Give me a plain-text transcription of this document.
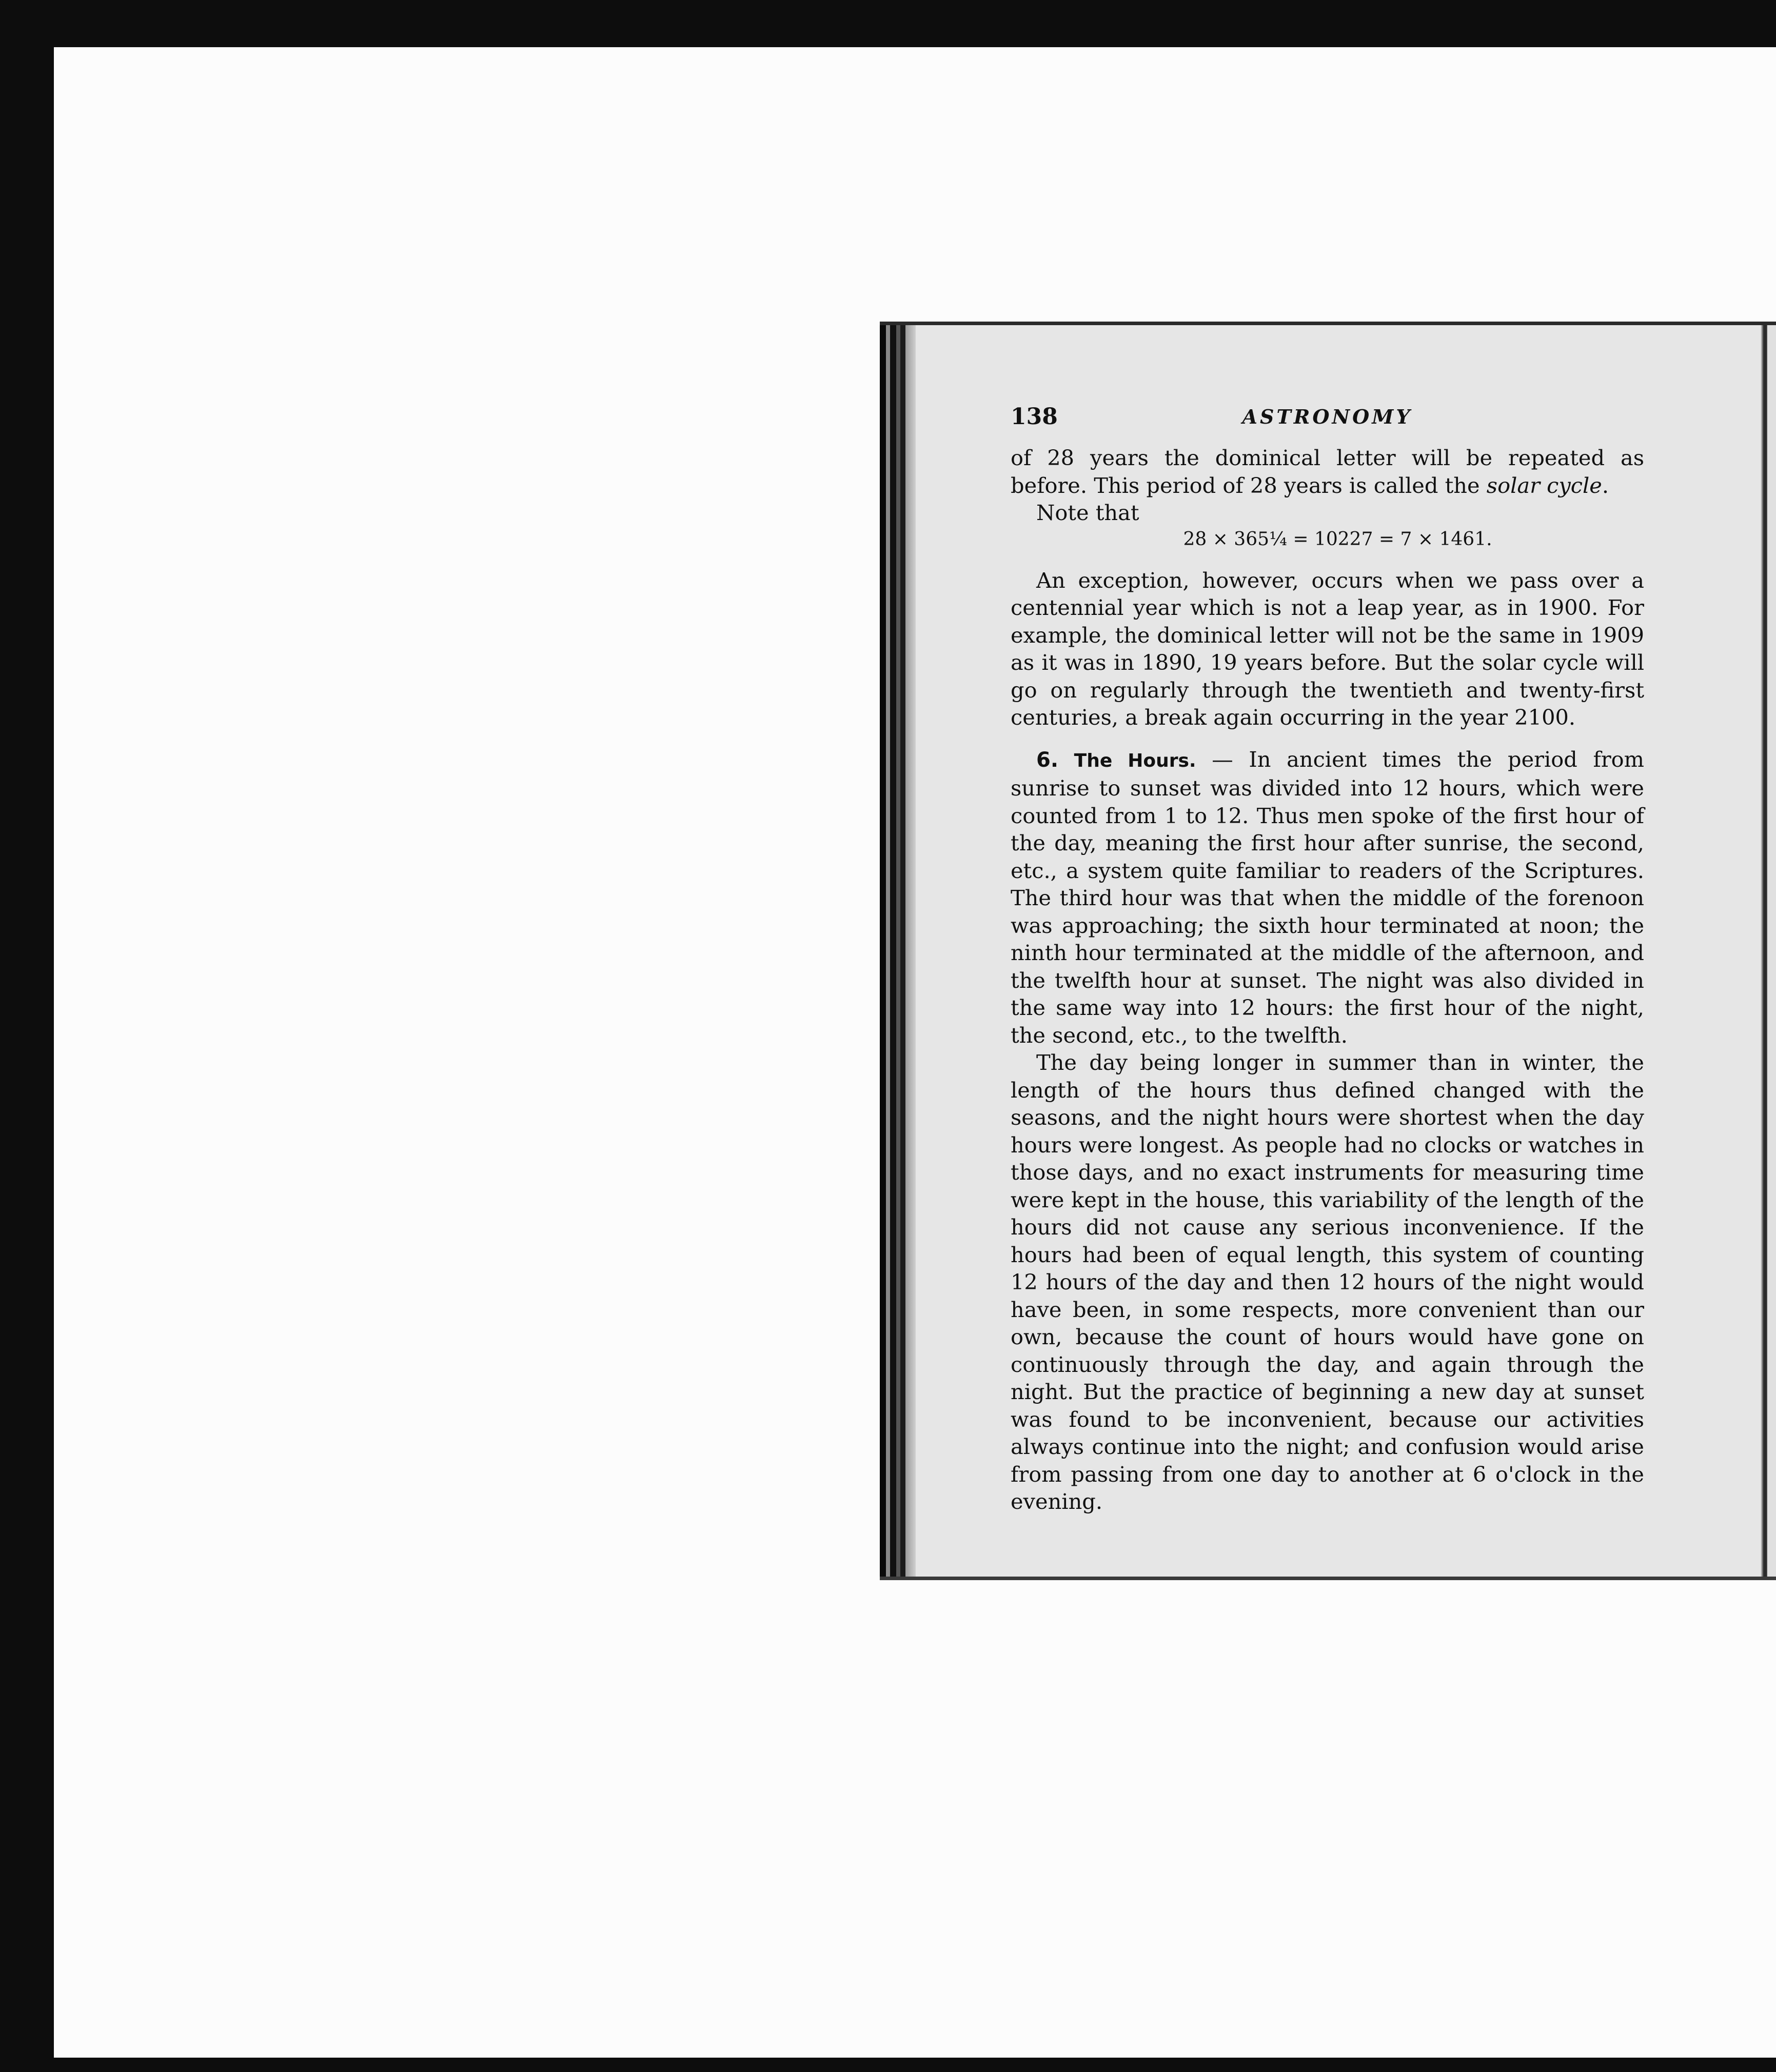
138	ASTRONOMY

of 28 years the dominical letter will be repeated as before. This period of 28 years is called the solar cycle.

Note that

28 × 365¼ = 10227 = 7 × 1461.

An exception, however, occurs when we pass over a centennial year which is not a leap year, as in 1900. For example, the dominical letter will not be the same in 1909 as it was in 1890, 19 years before. But the solar cycle will go on regularly through the twentieth and twenty-first centuries, a break again occurring in the year 2100.

6. The Hours. — In ancient times the period from sunrise to sunset was divided into 12 hours, which were counted from 1 to 12. Thus men spoke of the first hour of the day, meaning the first hour after sunrise, the second, etc., a system quite familiar to readers of the Scriptures. The third hour was that when the middle of the forenoon was approaching; the sixth hour terminated at noon; the ninth hour terminated at the middle of the afternoon, and the twelfth hour at sunset. The night was also divided in the same way into 12 hours: the first hour of the night, the second, etc., to the twelfth.

The day being longer in summer than in winter, the length of the hours thus defined changed with the seasons, and the night hours were shortest when the day hours were longest. As people had no clocks or watches in those days, and no exact instruments for measuring time were kept in the house, this variability of the length of the hours did not cause any serious inconvenience. If the hours had been of equal length, this system of counting 12 hours of the day and then 12 hours of the night would have been, in some respects, more convenient than our own, because the count of hours would have gone on continuously through the day, and again through the night. But the practice of beginning a new day at sunset was found to be inconvenient, because our activities always continue into the night; and confusion would arise from passing from one day to another at 6 o'clock in the evening.
